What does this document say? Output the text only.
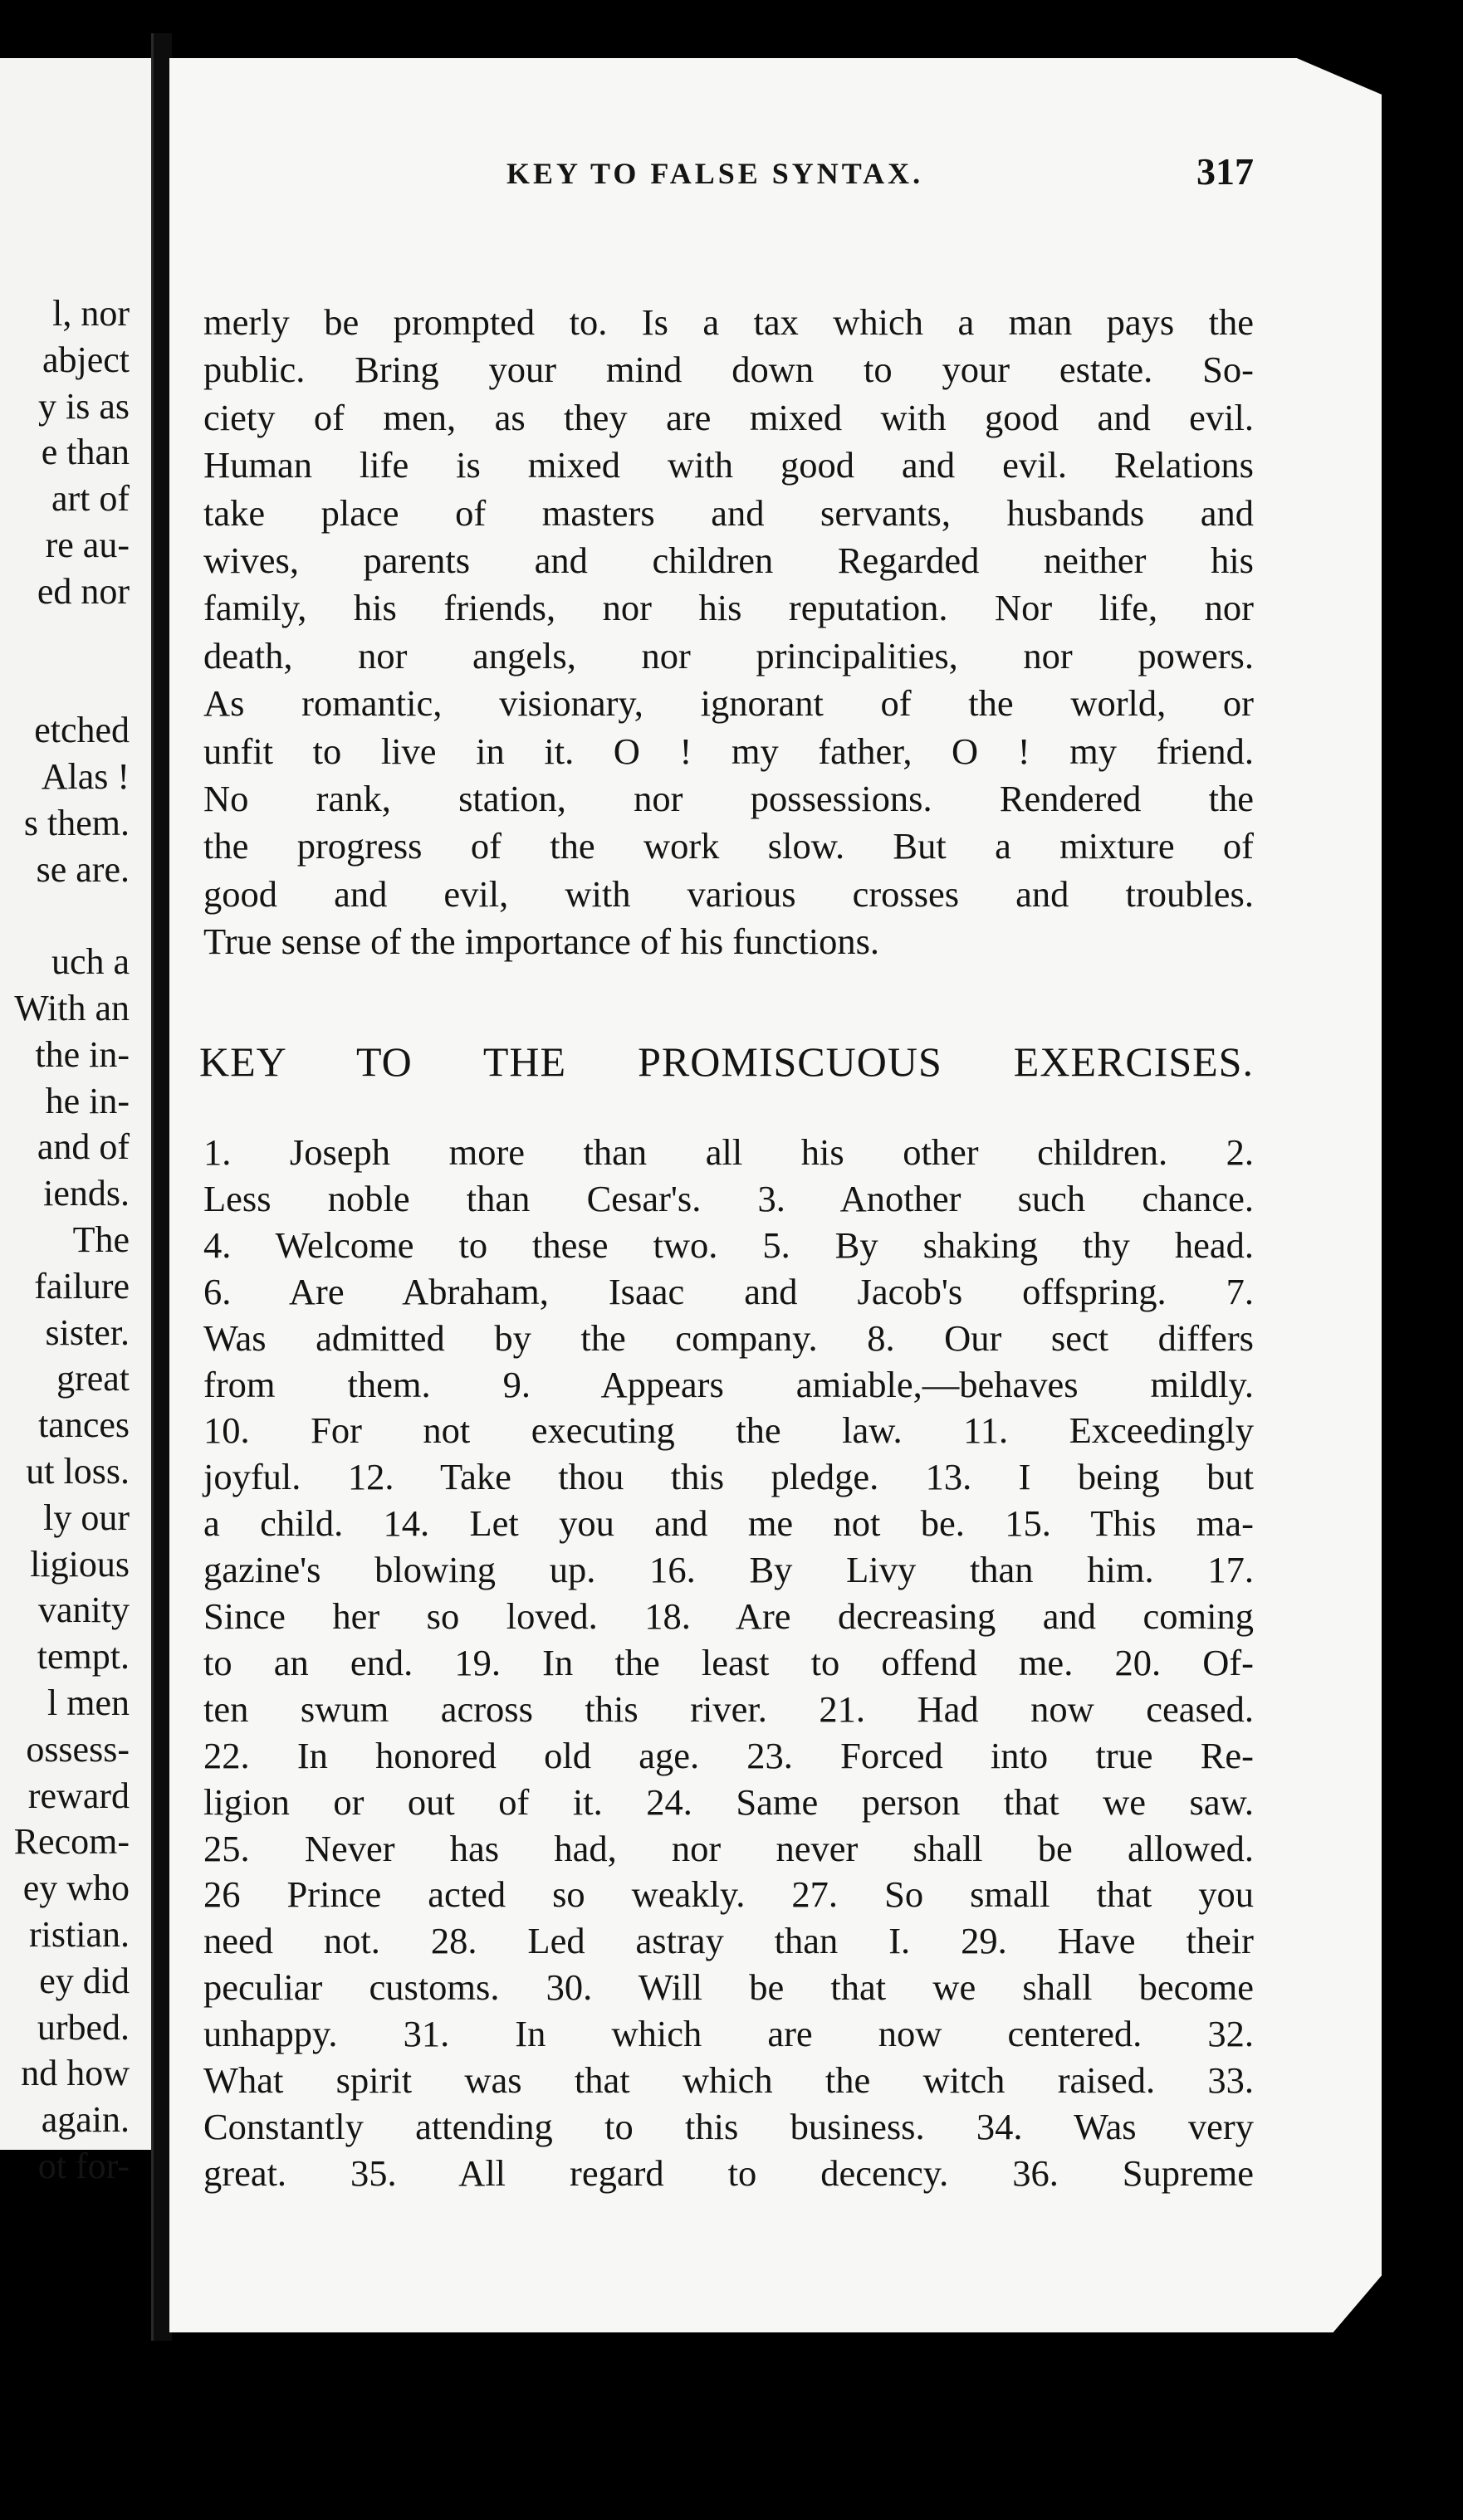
l, nor
abject
y is as
e than
art of
re au-
ed nor
etched
Alas !
s them.
se are.
uch a
With an
the in-
he in-
and of
iends.
The
failure
sister.
great
tances
ut loss.
ly our
ligious
vanity
tempt.
l men
ossess-
reward
Recom-
ey who
ristian.
ey did
urbed.
nd how
again.
ot for-
KEY TO FALSE SYNTAX.	317
merly be prompted to. Is a tax which a man pays the
public. Bring your mind down to your estate. So-
ciety of men, as they are mixed with good and evil.
Human life is mixed with good and evil. Relations
take place of masters and servants, husbands and
wives, parents and children Regarded neither his
family, his friends, nor his reputation. Nor life, nor
death, nor angels, nor principalities, nor powers.
As romantic, visionary, ignorant of the world, or
unfit to live in it. O ! my father, O ! my friend.
No rank, station, nor possessions. Rendered the
the progress of the work slow. But a mixture of
good and evil, with various crosses and troubles.
True sense of the importance of his functions.
KEY TO THE PROMISCUOUS EXERCISES.
1. Joseph more than all his other children. 2.
Less noble than Cesar's. 3. Another such chance.
4. Welcome to these two. 5. By shaking thy head.
6. Are Abraham, Isaac and Jacob's offspring. 7.
Was admitted by the company. 8. Our sect differs
from them. 9. Appears amiable,—behaves mildly.
10. For not executing the law. 11. Exceedingly
joyful. 12. Take thou this pledge. 13. I being but
a child. 14. Let you and me not be. 15. This ma-
gazine's blowing up. 16. By Livy than him. 17.
Since her so loved. 18. Are decreasing and coming
to an end. 19. In the least to offend me. 20. Of-
ten swum across this river. 21. Had now ceased.
22. In honored old age. 23. Forced into true Re-
ligion or out of it. 24. Same person that we saw.
25. Never has had, nor never shall be allowed.
26 Prince acted so weakly. 27. So small that you
need not. 28. Led astray than I. 29. Have their
peculiar customs. 30. Will be that we shall become
unhappy. 31. In which are now centered. 32.
What spirit was that which the witch raised. 33.
Constantly attending to this business. 34. Was very
great. 35. All regard to decency. 36. Supreme
